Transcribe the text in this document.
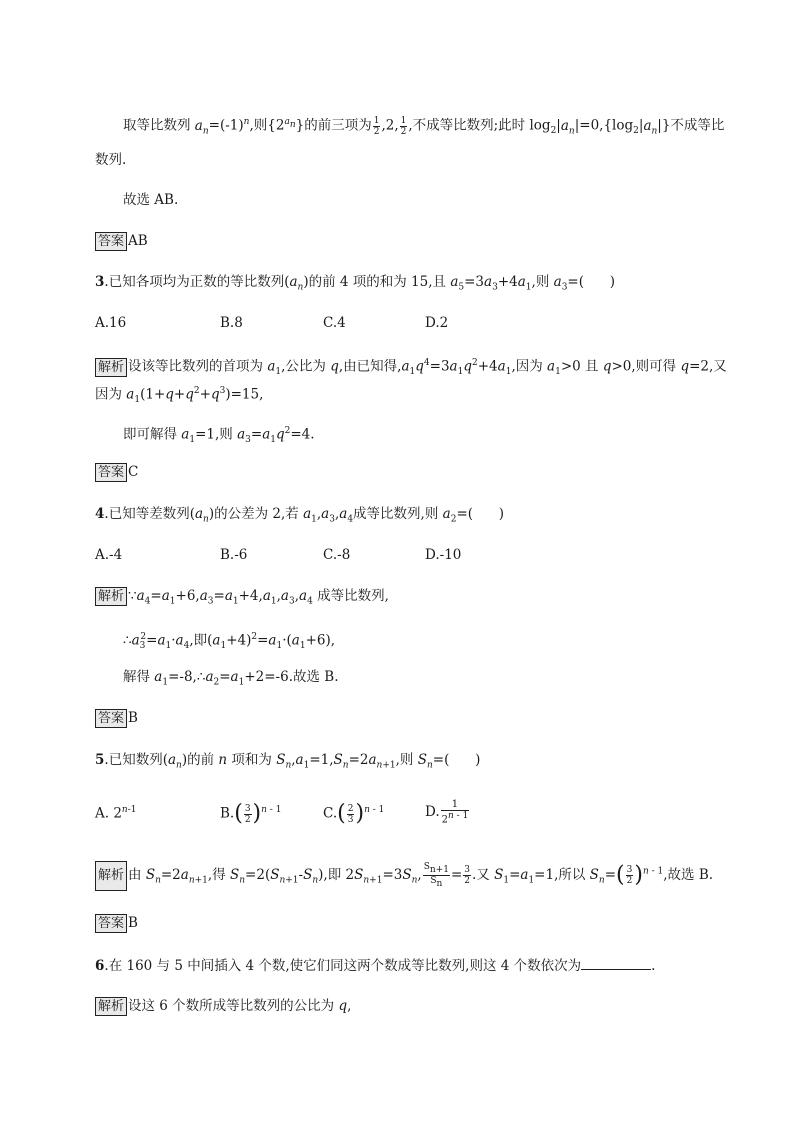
取等比数列 $a_n=(-1)^n$,则$\{2^{a_n}\}$的前三项为 $\frac{1}{2} ,2$, $\frac{1}{2}$ ,不成等比数列;此时 $\log_2|a_n|=0,\{\log_2|a_n|\}$不成等比
数列.
故选 AB.
答案 AB
3.已知各项均为正数的等比数列$(a_n)$的前 4 项的和为 15,且 $a_5=3a_3+4a_1$,则 $a_3=$(      )
A.16	B.8	C.4	D.2
解析 设该等比数列的首项为 $a_1$,公比为 q,由已知得$,a_1q^4=3a_1q^2+4a_1$,因为 $a_1>0$ 且 q>0,则可得 q=2,又
因为 $a_1(1+q+q^2+q^3)=15$,
即可解得 $a_1=1$,则 $a_3=a_1q^2=4$.
答案 C
4.已知等差数列$(a_n)$的公差为 2,若 $a_1,a_3,a_4$成等比数列,则 $a_2=$(      )
A.-4	B.-6	C.-8	D.-10
解析 $\because a_4=a_1+6,a_3=a_1+4,a_1,a_3,a_4$ 成等比数列,
$\therefore a_3^2=a_1\cdot a_4$,即$(a_1+4)^2=a_1\cdot(a_1+6)$,
解得 $a_1=-8,\therefore a_2=a_1+2=-6$.故选 B.
答案 B
5.已知数列$(a_n)$的前 n 项和为 $S_n,a_1=1,S_n=2a_{n+1}$,则 $S_n=$(      )
A. 2$^{n-1}$	$B.( \frac{3}{2} )^{n - 1}$	$C.( \frac{2}{3} )^{n - 1}$	D. $\frac{1}{2^{n - 1}}$
解析 由 $S_n=2a_{n+1}$,得 $S_n=2(S_{n+1}-S_n)$,即 $2S_{n+1}=3S_n$, $\frac{S_{n+1}}{S_n} = \frac{3}{2}$ .又 $S_1=a_1=1$,所以 $S_n=( \frac{3}{2} )^{n - 1}$,故选 B.
答案 B
6.在 160 与 5 中间插入 4 个数,使它们同这两个数成等比数列,则这 4 个数依次为	.
解析 设这 6 个数所成等比数列的公比为 q,
